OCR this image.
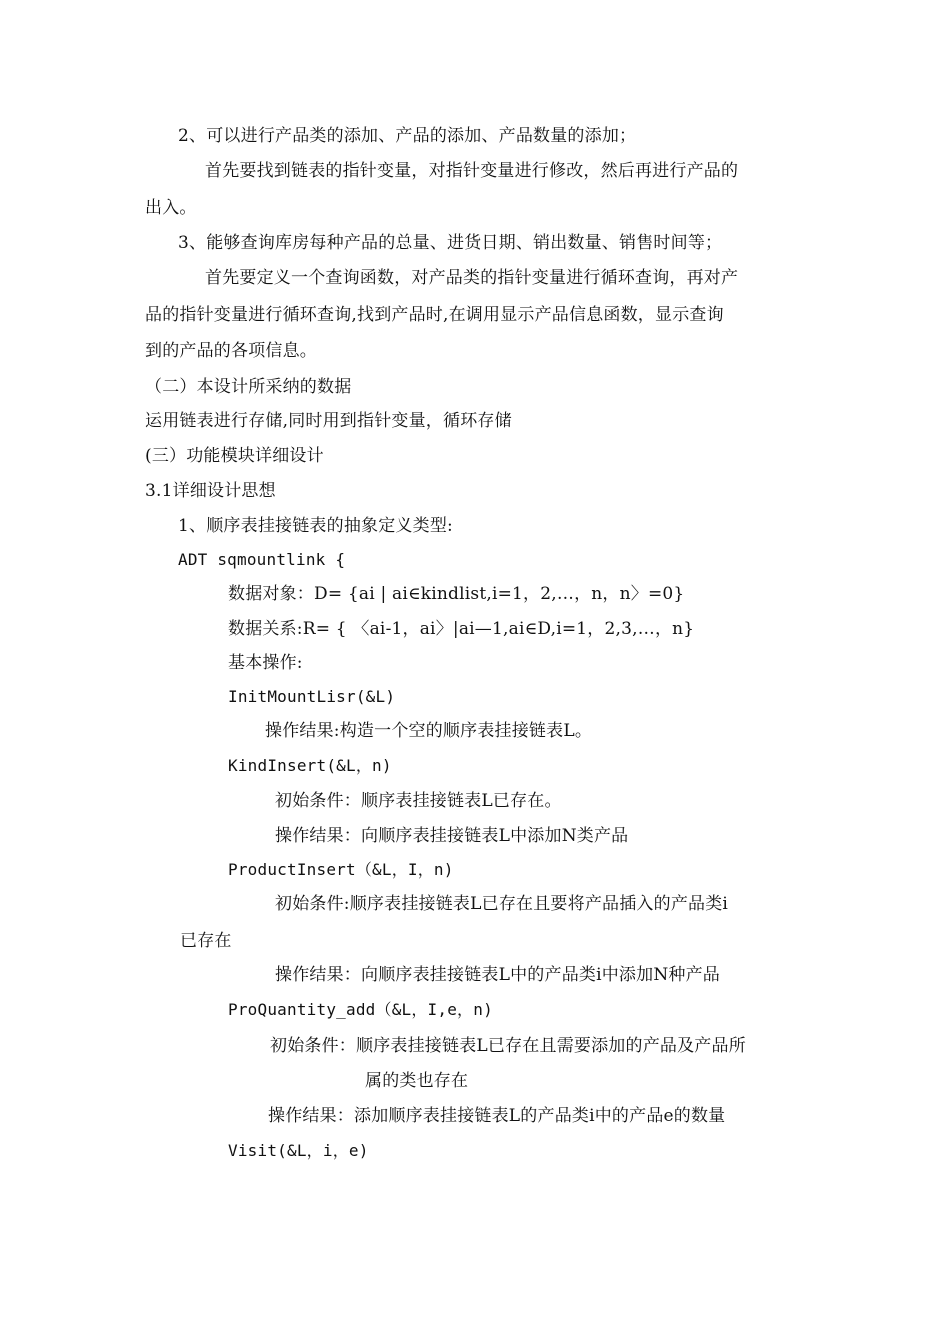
2、可以进行产品类的添加、产品的添加、产品数量的添加；
首先要找到链表的指针变量，对指针变量进行修改，然后再进行产品的
出入。
3、能够查询库房每种产品的总量、进货日期、销出数量、销售时间等；
首先要定义一个查询函数，对产品类的指针变量进行循环查询，再对产
品的指针变量进行循环查询,找到产品时,在调用显示产品信息函数，显示查询
到的产品的各项信息。
（二）本设计所采纳的数据
运用链表进行存储,同时用到指针变量，循环存储
(三）功能模块详细设计
3.1详细设计思想
1、顺序表挂接链表的抽象定义类型:
ADT sqmountlink {
数据对象：D= {ai | ai∈kindlist,i=1，2,…，n，n〉=0}
数据关系:R= { 〈ai-1，ai〉|ai—1,ai∈D,i=1，2,3,…，n}
基本操作:
InitMountLisr(&L)
操作结果:构造一个空的顺序表挂接链表L。
KindInsert(&L，n)
初始条件：顺序表挂接链表L已存在。
操作结果：向顺序表挂接链表L中添加N类产品
ProductInsert（&L，I，n)
初始条件:顺序表挂接链表L已存在且要将产品插入的产品类i
已存在
操作结果：向顺序表挂接链表L中的产品类i中添加N种产品
ProQuantity_add（&L，I,e，n)
初始条件：顺序表挂接链表L已存在且需要添加的产品及产品所
属的类也存在
操作结果：添加顺序表挂接链表L的产品类i中的产品e的数量
Visit(&L，i，e)
